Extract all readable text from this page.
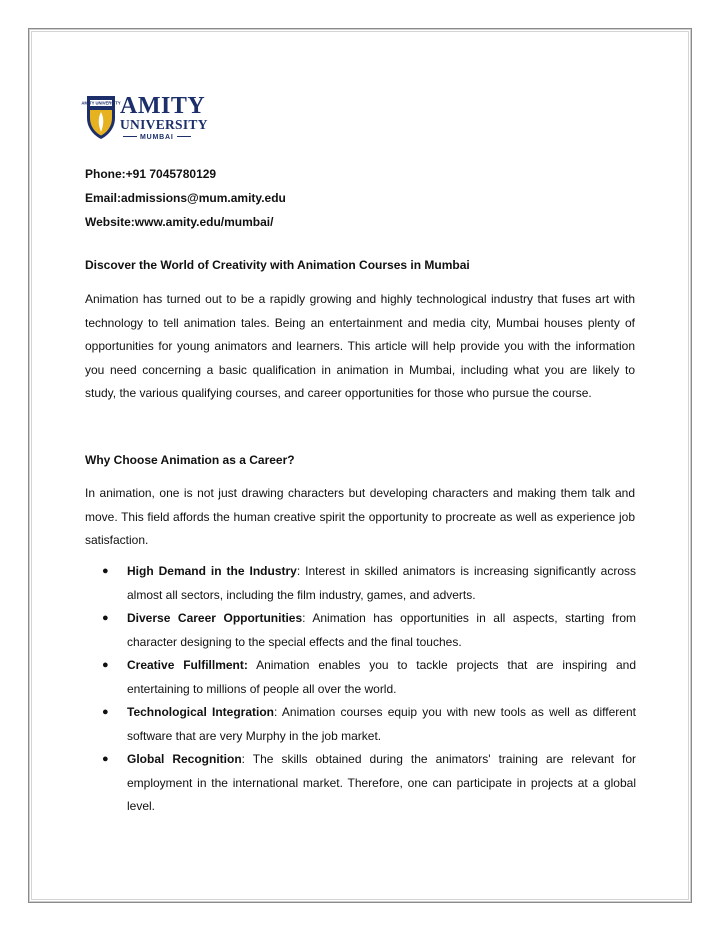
AMITY UNIVERSITY AMITY
UNIVERSITY
MUMBAI
Phone:+91 7045780129
Email:admissions@mum.amity.edu
Website:www.amity.edu/mumbai/
Discover the World of Creativity with Animation Courses in Mumbai

Animation has turned out to be a rapidly growing and highly technological industry that fuses art with technology to tell animation tales. Being an entertainment and media city, Mumbai houses plenty of opportunities for young animators and learners. This article will help provide you with the information you need concerning a basic qualification in animation in Mumbai, including what you are likely to study, the various qualifying courses, and career opportunities for those who pursue the course.

Why Choose Animation as a Career?

In animation, one is not just drawing characters but developing characters and making them talk and move. This field affords the human creative spirit the opportunity to procreate as well as experience job satisfaction.

● High Demand in the Industry: Interest in skilled animators is increasing significantly across almost all sectors, including the film industry, games, and adverts.
● Diverse Career Opportunities: Animation has opportunities in all aspects, starting from character designing to the special effects and the final touches.
● Creative Fulfillment: Animation enables you to tackle projects that are inspiring and entertaining to millions of people all over the world.
● Technological Integration: Animation courses equip you with new tools as well as different software that are very Murphy in the job market.
● Global Recognition: The skills obtained during the animators' training are relevant for employment in the international market. Therefore, one can participate in projects at a global level.
